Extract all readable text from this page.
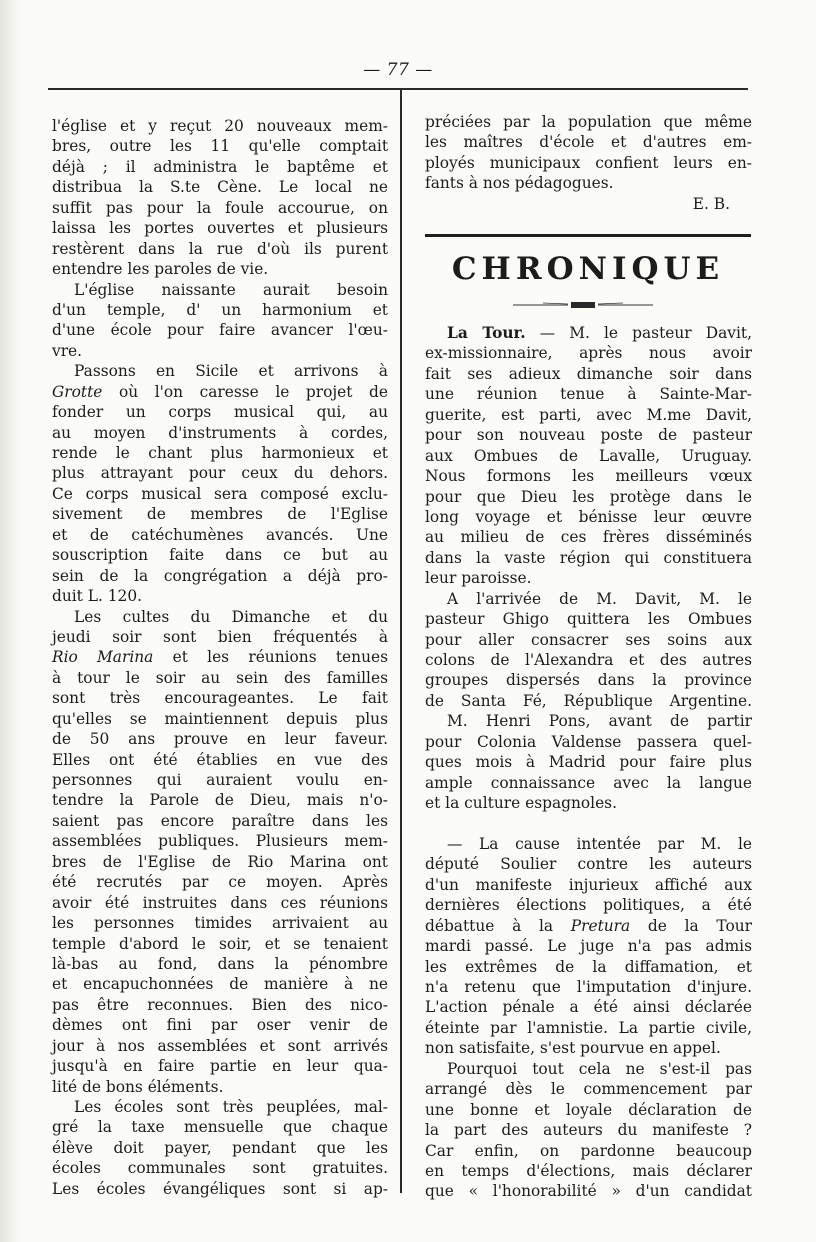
— 77 —
l'église et y reçut 20 nouveaux mem-
bres, outre les 11 qu'elle comptait
déjà ; il administra le baptême et
distribua la S.te Cène. Le local ne
suffit pas pour la foule accourue, on
laissa les portes ouvertes et plusieurs
restèrent dans la rue d'où ils purent
entendre les paroles de vie.
L'église naissante aurait besoin
d'un temple, d' un harmonium et
d'une école pour faire avancer l'œu-
vre.
Passons en Sicile et arrivons à
Grotte où l'on caresse le projet de
fonder un corps musical qui, au
au moyen d'instruments à cordes,
rende le chant plus harmonieux et
plus attrayant pour ceux du dehors.
Ce corps musical sera composé exclu-
sivement de membres de l'Eglise
et de catéchumènes avancés. Une
souscription faite dans ce but au
sein de la congrégation a déjà pro-
duit L. 120.
Les cultes du Dimanche et du
jeudi soir sont bien fréquentés à
Rio Marina et les réunions tenues
à tour le soir au sein des familles
sont très encourageantes. Le fait
qu'elles se maintiennent depuis plus
de 50 ans prouve en leur faveur.
Elles ont été établies en vue des
personnes qui auraient voulu en-
tendre la Parole de Dieu, mais n'o-
saient pas encore paraître dans les
assemblées publiques. Plusieurs mem-
bres de l'Eglise de Rio Marina ont
été recrutés par ce moyen. Après
avoir été instruites dans ces réunions
les personnes timides arrivaient au
temple d'abord le soir, et se tenaient
là-bas au fond, dans la pénombre
et encapuchonnées de manière à ne
pas être reconnues. Bien des nico-
dèmes ont fini par oser venir de
jour à nos assemblées et sont arrivés
jusqu'à en faire partie en leur qua-
lité de bons éléments.
Les écoles sont très peuplées, mal-
gré la taxe mensuelle que chaque
élève doit payer, pendant que les
écoles communales sont gratuites.
Les écoles évangéliques sont si ap-
préciées par la population que même
les maîtres d'école et d'autres em-
ployés municipaux confient leurs en-
fants à nos pédagogues.
E. B.
CHRONIQUE
La Tour. — M. le pasteur Davit,
ex-missionnaire, après nous avoir
fait ses adieux dimanche soir dans
une réunion tenue à Sainte-Mar-
guerite, est parti, avec M.me Davit,
pour son nouveau poste de pasteur
aux Ombues de Lavalle, Uruguay.
Nous formons les meilleurs vœux
pour que Dieu les protège dans le
long voyage et bénisse leur œuvre
au milieu de ces frères disséminés
dans la vaste région qui constituera
leur paroisse.
A l'arrivée de M. Davit, M. le
pasteur Ghigo quittera les Ombues
pour aller consacrer ses soins aux
colons de l'Alexandra et des autres
groupes dispersés dans la province
de Santa Fé, République Argentine.
M. Henri Pons, avant de partir
pour Colonia Valdense passera quel-
ques mois à Madrid pour faire plus
ample connaissance avec la langue
et la culture espagnoles.
— La cause intentée par M. le
député Soulier contre les auteurs
d'un manifeste injurieux affiché aux
dernières élections politiques, a été
débattue à la Pretura de la Tour
mardi passé. Le juge n'a pas admis
les extrêmes de la diffamation, et
n'a retenu que l'imputation d'injure.
L'action pénale a été ainsi déclarée
éteinte par l'amnistie. La partie civile,
non satisfaite, s'est pourvue en appel.
Pourquoi tout cela ne s'est-il pas
arrangé dès le commencement par
une bonne et loyale déclaration de
la part des auteurs du manifeste ?
Car enfin, on pardonne beaucoup
en temps d'élections, mais déclarer
que « l'honorabilité » d'un candidat
